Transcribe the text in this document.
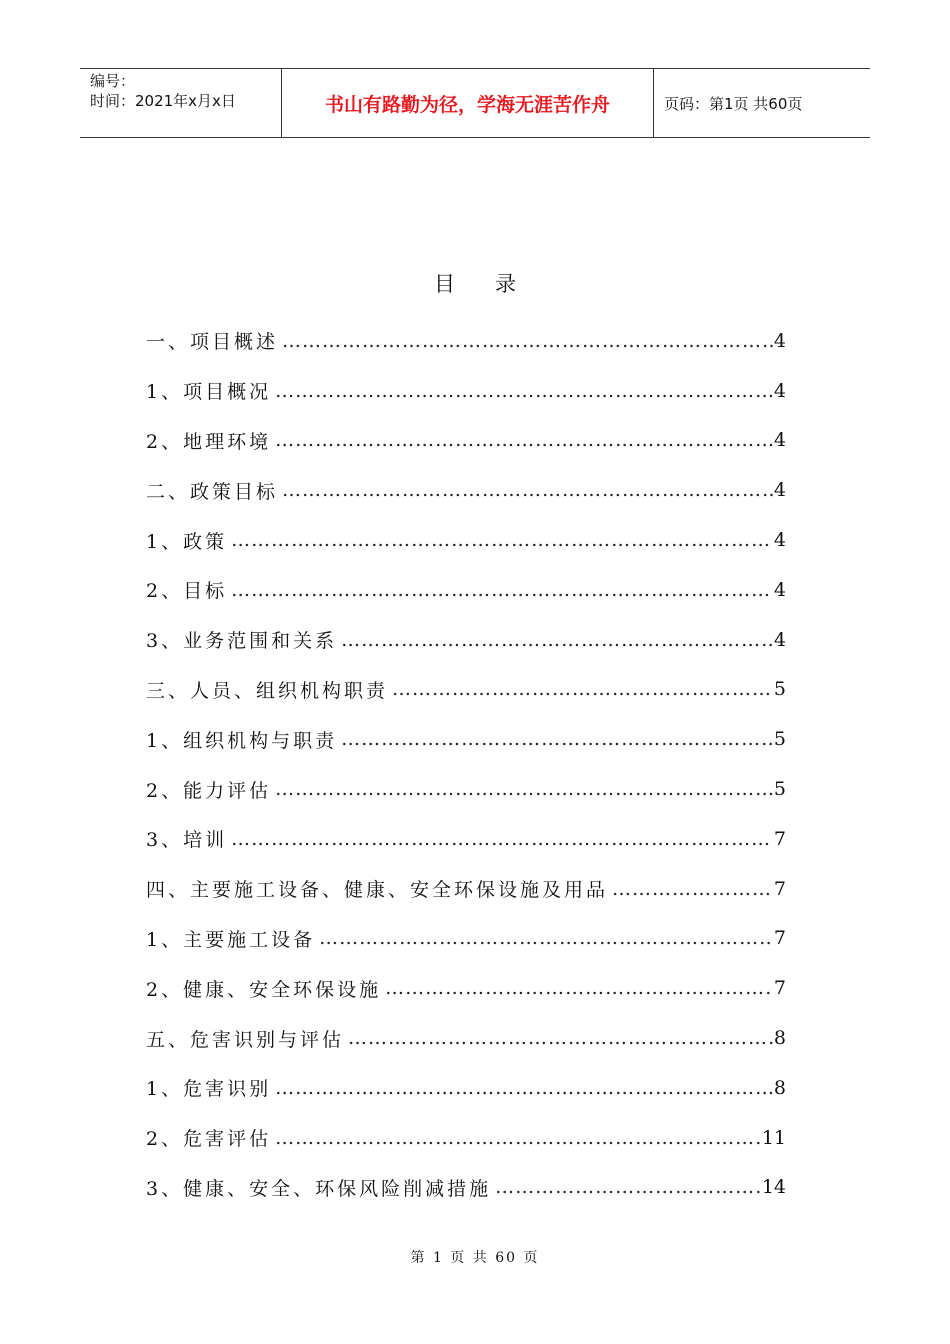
编号：
时间：2021年x月x日	书山有路勤为径，学海无涯苦作舟	页码：第1页 共60页
目录
一、项目概述 …………………………………………………………………………………………………………………………………………	4
1、项目概况 …………………………………………………………………………………………………………………………………………	4
2、地理环境 …………………………………………………………………………………………………………………………………………	4
二、政策目标 …………………………………………………………………………………………………………………………………………	4
1、政策 …………………………………………………………………………………………………………………………………………	4
2、目标 …………………………………………………………………………………………………………………………………………	4
3、业务范围和关系 …………………………………………………………………………………………………………………………………………	4
三、人员、组织机构职责 …………………………………………………………………………………………………………………………………………	5
1、组织机构与职责 …………………………………………………………………………………………………………………………………………	5
2、能力评估 …………………………………………………………………………………………………………………………………………	5
3、培训 …………………………………………………………………………………………………………………………………………	7
四、主要施工设备、健康、安全环保设施及用品 …………………………………………………………………………………………………………………………………………	7
1、主要施工设备 …………………………………………………………………………………………………………………………………………	7
2、健康、安全环保设施 …………………………………………………………………………………………………………………………………………	7
五、危害识别与评估 …………………………………………………………………………………………………………………………………………	8
1、危害识别 …………………………………………………………………………………………………………………………………………	8
2、危害评估 …………………………………………………………………………………………………………………………………………	11
3、健康、安全、环保风险削减措施 …………………………………………………………………………………………………………………………………………	14
第 1 页 共 60 页
